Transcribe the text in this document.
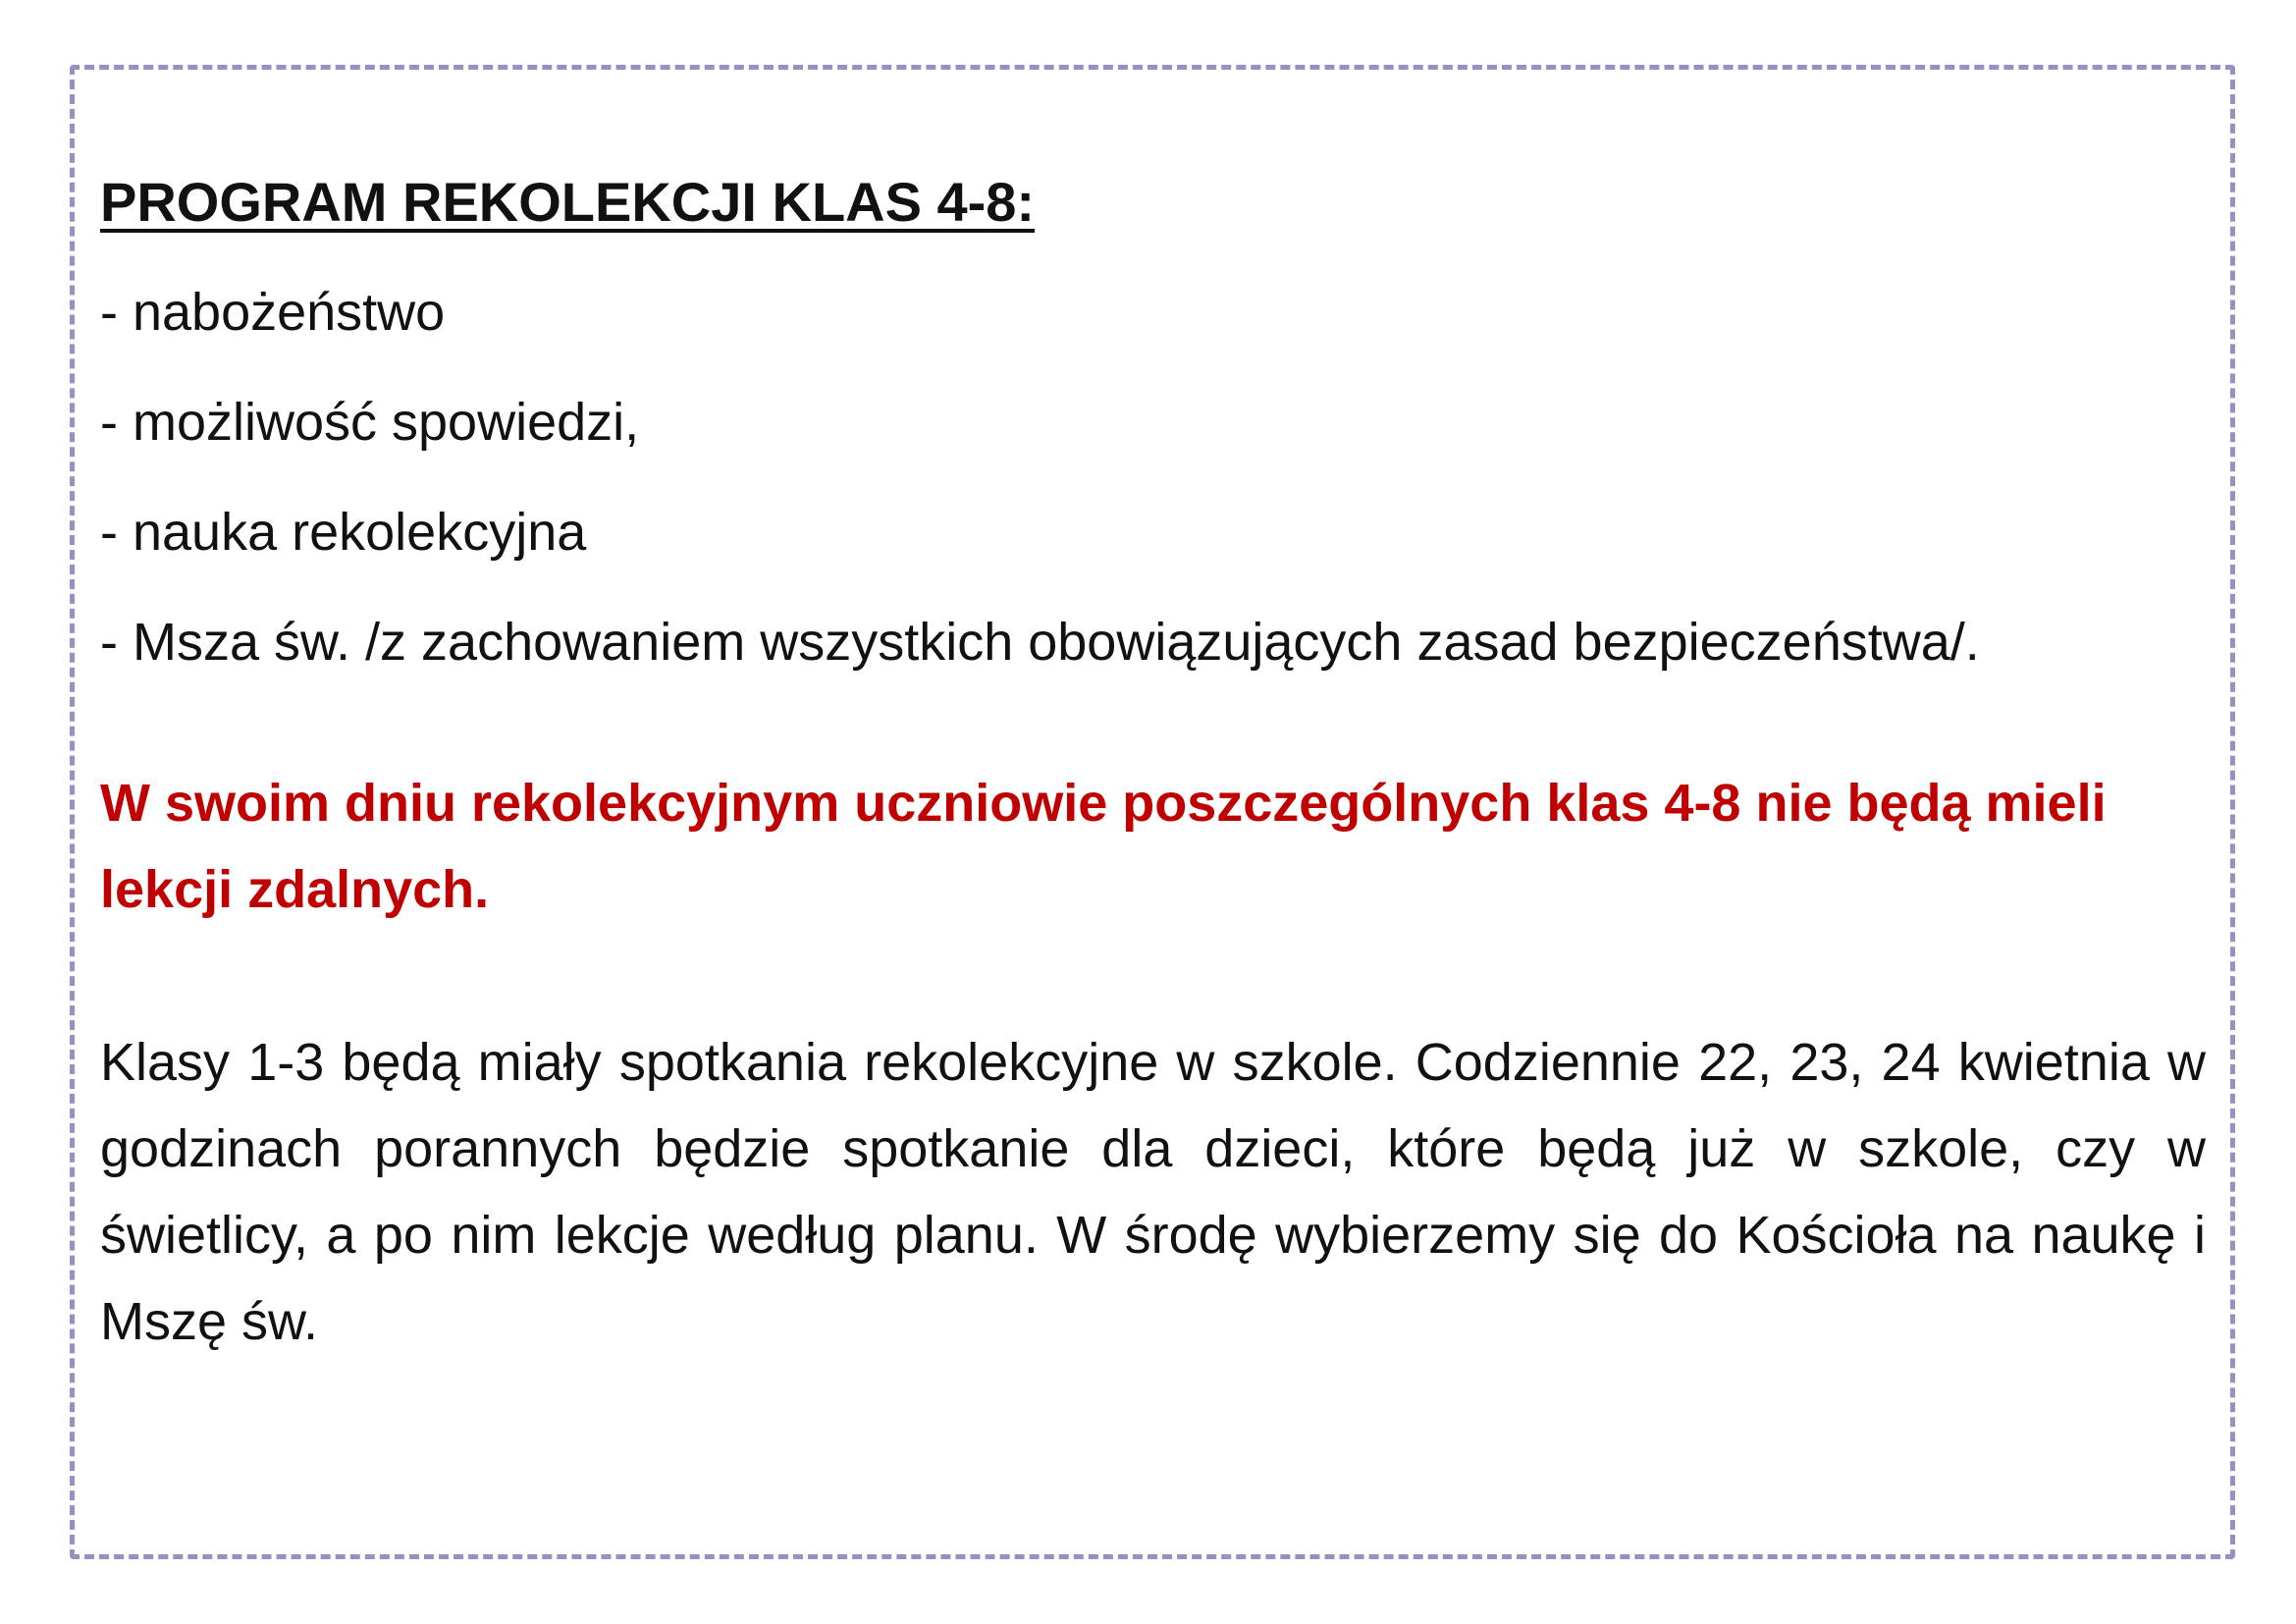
PROGRAM REKOLEKCJI KLAS 4-8:
- nabożeństwo
- możliwość spowiedzi,
- nauka rekolekcyjna
- Msza św. /z zachowaniem wszystkich obowiązujących zasad bezpieczeństwa/.
W swoim dniu rekolekcyjnym uczniowie poszczególnych klas 4-8 nie będą mieli lekcji zdalnych.
Klasy 1-3 będą miały spotkania rekolekcyjne w szkole. Codziennie 22, 23, 24 kwietnia w godzinach porannych będzie spotkanie dla dzieci, które będą już w szkole, czy w świetlicy, a po nim lekcje według planu. W środę wybierzemy się do Kościoła na naukę i Mszę św.
